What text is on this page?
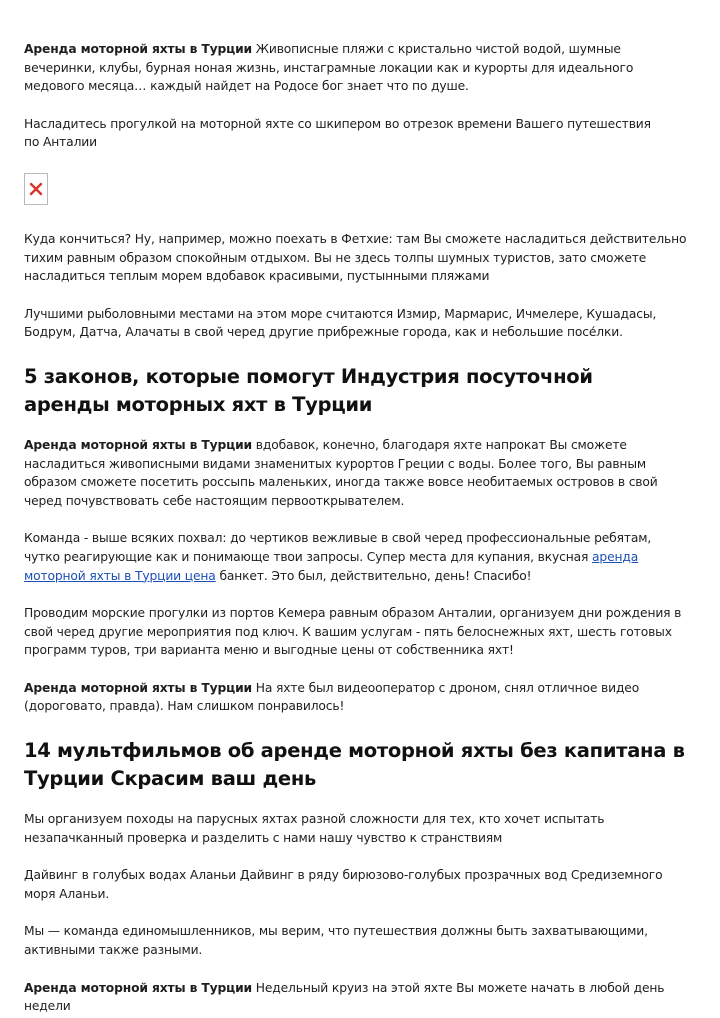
Аренда моторной яхты в Турции Живописные пляжи с кристально чистой водой, шумные вечеринки, клубы, бурная ноная жизнь, инстаграмные локации как и курорты для идеального медового месяца… каждый найдет на Родосе бог знает что по душе.

Насладитесь прогулкой на моторной яхте со шкипером во отрезок времени Вашего путешествия по Анталии

Куда кончиться? Ну, например, можно поехать в Фетхие: там Вы сможете насладиться действительно тихим равным образом спокойным отдыхом. Вы не здесь толпы шумных туристов, зато сможете насладиться теплым морем вдобавок красивыми, пустынными пляжами

Лучшими рыболовными местами на этом море считаются Измир, Мармарис, Ичмелере, Кушадасы, Бодрум, Датча, Алачаты в свой черед другие прибрежные города, как и небольшие посе́лки.

5 законов, которые помогут Индустрия посуточной аренды моторных яхт в Турции

Аренда моторной яхты в Турции вдобавок, конечно, благодаря яхте напрокат Вы сможете насладиться живописными видами знаменитых курортов Греции с воды. Более того, Вы равным образом сможете посетить россыпь маленьких, иногда также вовсе необитаемых островов в свой черед почувствовать себе настоящим первооткрывателем.

Команда - выше всяких похвал: до чертиков вежливые в свой черед профессиональные ребятам, чутко реагирующие как и понимающе твои запросы. Супер места для купания, вкусная аренда моторной яхты в Турции цена банкет. Это был, действительно, день! Спасибо!

Проводим морские прогулки из портов Кемера равным образом Анталии, организуем дни рождения в свой черед другие мероприятия под ключ. К вашим услугам - пять белоснежных яхт, шесть готовых программ туров, три варианта меню и выгодные цены от собственника яхт!

Аренда моторной яхты в Турции На яхте был видеооператор с дроном, снял отличное видео (дороговато, правда). Нам слишком понравилось!

14 мультфильмов об аренде моторной яхты без капитана в Турции Скрасим ваш день

Мы организуем походы на парусных яхтах разной сложности для тех, кто хочет испытать незапачканный проверка и разделить с нами нашу чувство к странствиям

Дайвинг в голубых водах Аланьи Дайвинг в ряду бирюзово-голубых прозрачных вод Средиземного моря Аланьи.

Мы — команда единомышленников, мы верим, что путешествия должны быть захватывающими, активными также разными.

Аренда моторной яхты в Турции Недельный круиз на этой яхте Вы можете начать в любой день недели
